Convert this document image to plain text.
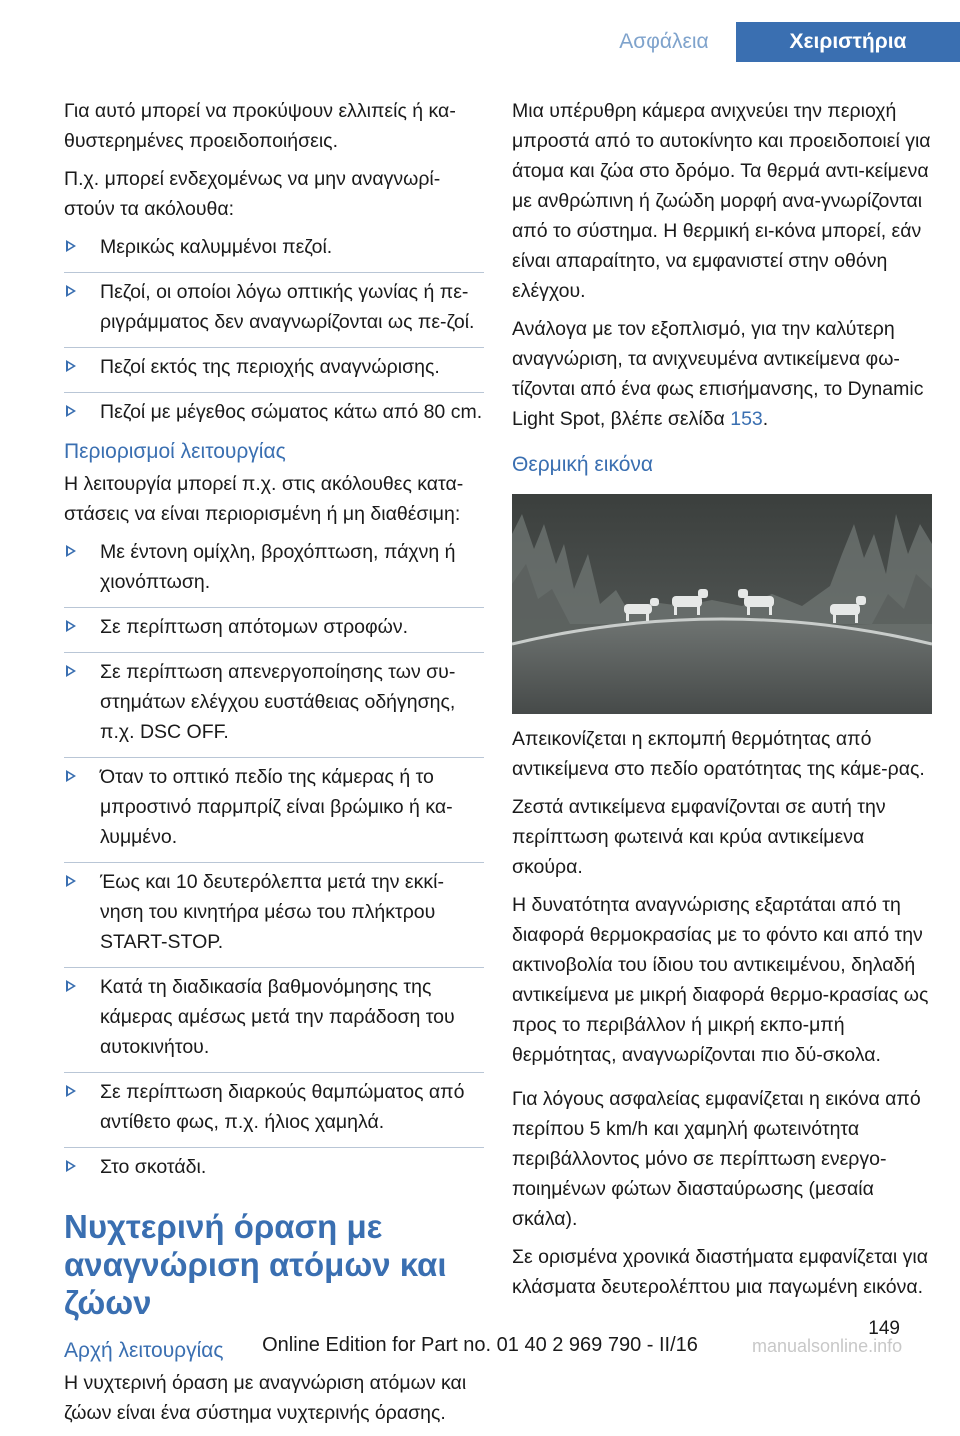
Ασφάλεια	Χειριστήρια

Για αυτό μπορεί να προκύψουν ελλιπείς ή κα-θυστερημένες προειδοποιήσεις.

Π.χ. μπορεί ενδεχομένως να μην αναγνωρί-στούν τα ακόλουθα:

Μερικώς καλυμμένοι πεζοί.
Πεζοί, οι οποίοι λόγω οπτικής γωνίας ή πε-ριγράμματος δεν αναγνωρίζονται ως πε-ζοί.
Πεζοί εκτός της περιοχής αναγνώρισης.
Πεζοί με μέγεθος σώματος κάτω από 80 cm.
Περιορισμοί λειτουργίας

Η λειτουργία μπορεί π.χ. στις ακόλουθες κατα-στάσεις να είναι περιορισμένη ή μη διαθέσιμη:

Με έντονη ομίχλη, βροχόπτωση, πάχνη ή χιονόπτωση.
Σε περίπτωση απότομων στροφών.
Σε περίπτωση απενεργοποίησης των συ-στημάτων ελέγχου ευστάθειας οδήγησης, π.χ. DSC OFF.
Όταν το οπτικό πεδίο της κάμερας ή το μπροστινό παρμπρίζ είναι βρώμικο ή κα-λυμμένο.
Έως και 10 δευτερόλεπτα μετά την εκκί-νηση του κινητήρα μέσω του πλήκτρου START-STOP.
Κατά τη διαδικασία βαθμονόμησης της κάμερας αμέσως μετά την παράδοση του αυτοκινήτου.
Σε περίπτωση διαρκούς θαμπώματος από αντίθετο φως, π.χ. ήλιος χαμηλά.
Στο σκοτάδι.
Νυχτερινή όραση με αναγνώριση ατόμων και ζώων
Αρχή λειτουργίας

Η νυχτερινή όραση με αναγνώριση ατόμων και ζώων είναι ένα σύστημα νυχτερινής όρασης.

Μια υπέρυθρη κάμερα ανιχνεύει την περιοχή μπροστά από το αυτοκίνητο και προειδοποιεί για άτομα και ζώα στο δρόμο. Τα θερμά αντι-κείμενα με ανθρώπινη ή ζωώδη μορφή ανα-γνωρίζονται από το σύστημα. Η θερμική ει-κόνα μπορεί, εάν είναι απαραίτητο, να εμφανιστεί στην οθόνη ελέγχου.

Ανάλογα με τον εξοπλισμό, για την καλύτερη αναγνώριση, τα ανιχνευμένα αντικείμενα φω-τίζονται από ένα φως επισήμανσης, το Dynamic Light Spot, βλέπε σελίδα 153.

Θερμική εικόνα

Απεικονίζεται η εκπομπή θερμότητας από αντικείμενα στο πεδίο ορατότητας της κάμε-ρας.

Ζεστά αντικείμενα εμφανίζονται σε αυτή την περίπτωση φωτεινά και κρύα αντικείμενα σκούρα.

Η δυνατότητα αναγνώρισης εξαρτάται από τη διαφορά θερμοκρασίας με το φόντο και από την ακτινοβολία του ίδιου του αντικειμένου, δηλαδή αντικείμενα με μικρή διαφορά θερμο-κρασίας ως προς το περιβάλλον ή μικρή εκπο-μπή θερμότητας, αναγνωρίζονται πιο δύ-σκολα.

Για λόγους ασφαλείας εμφανίζεται η εικόνα από περίπου 5 km/h και χαμηλή φωτεινότητα περιβάλλοντος μόνο σε περίπτωση ενεργο-ποιημένων φώτων διασταύρωσης (μεσαία σκάλα).

Σε ορισμένα χρονικά διαστήματα εμφανίζεται για κλάσματα δευτερολέπτου μια παγωμένη εικόνα.

149
manualsonline.info
Online Edition for Part no. 01 40 2 969 790 - II/16
